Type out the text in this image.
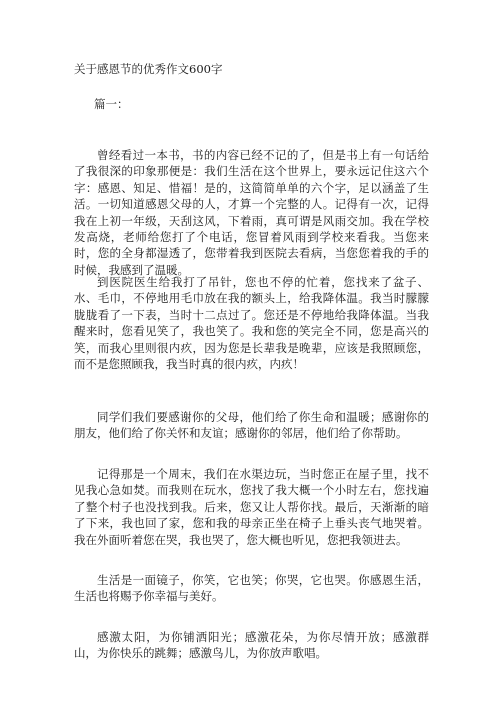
关于感恩节的优秀作文600字
篇一：

曾经看过一本书，书的内容已经不记的了，但是书上有一句话给了我很深的印象那便是：我们生活在这个世界上，要永远记住这六个字：感恩、知足、惜福！是的，这简简单单的六个字，足以涵盖了生活。一切知道感恩父母的人，才算一个完整的人。记得有一次，记得我在上初一年级，天刮这风，下着雨，真可谓是风雨交加。我在学校发高烧，老师给您打了个电话，您冒着风雨到学校来看我。当您来时，您的全身都湿透了，您带着我到医院去看病，当您您着我的手的时候，我感到了温暖。

到医院医生给我打了吊针，您也不停的忙着，您找来了盆子、水、毛巾，不停地用毛巾放在我的额头上，给我降体温。我当时朦朦胧胧看了一下表，当时十二点过了。您还是不停地给我降体温。当我醒来时，您看见笑了，我也笑了。我和您的笑完全不同，您是高兴的笑，而我心里则很内疚，因为您是长辈我是晚辈，应该是我照顾您，而不是您照顾我，我当时真的很内疚，内疚！

同学们我们要感谢你的父母，他们给了你生命和温暖；感谢你的朋友，他们给了你关怀和友谊；感谢你的邻居，他们给了你帮助。

记得那是一个周末，我们在水渠边玩，当时您正在屋子里，找不见我心急如焚。而我则在玩水，您找了我大概一个小时左右，您找遍了整个村子也没找到我。后来，您又让人帮你找。最后，天渐渐的暗了下来，我也回了家，您和我的母亲正坐在椅子上垂头丧气地哭着。我在外面听着您在哭，我也哭了，您大概也听见，您把我领进去。

生活是一面镜子，你笑，它也笑；你哭，它也哭。你感恩生活，生活也将赐予你幸福与美好。

感激太阳，为你铺洒阳光；感激花朵，为你尽情开放；感激群山，为你快乐的跳舞；感激鸟儿，为你放声歌唱。
